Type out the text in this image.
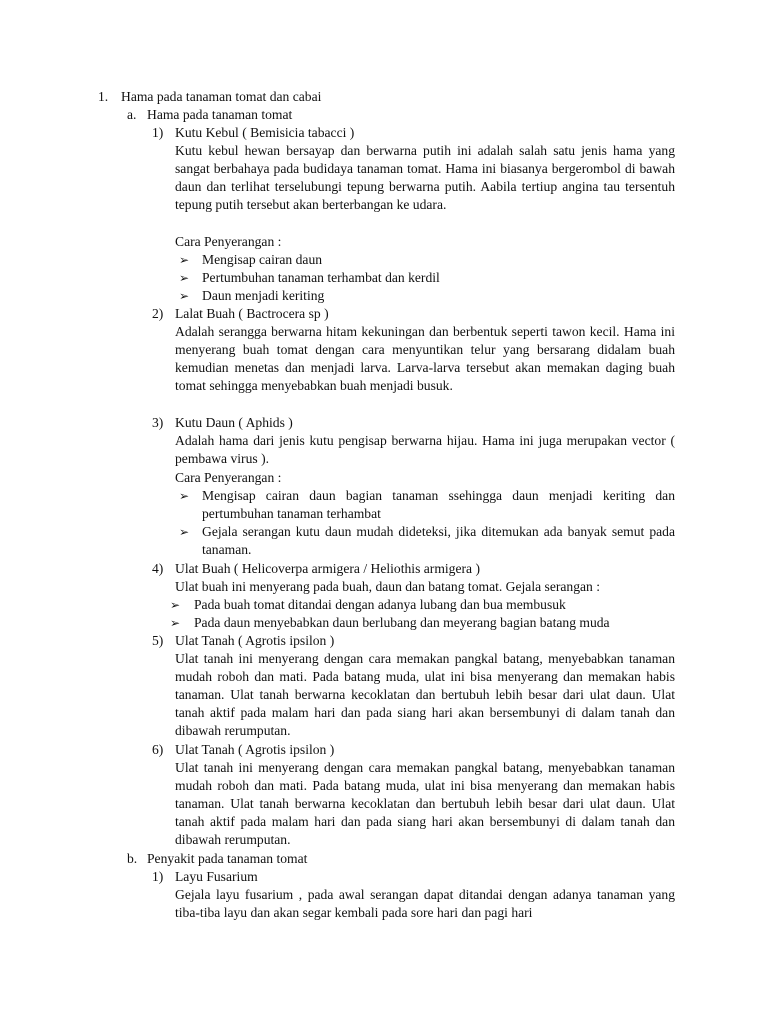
1. Hama pada tanaman tomat dan cabai
a. Hama pada tanaman tomat
1) Kutu Kebul ( Bemisicia tabacci )
Kutu kebul hewan bersayap dan berwarna putih ini adalah salah satu jenis hama yang sangat berbahaya pada budidaya tanaman tomat. Hama ini biasanya bergerombol di bawah daun dan terlihat terselubungi tepung berwarna putih. Aabila tertiup angina tau tersentuh tepung putih tersebut akan berterbangan ke udara.
Cara Penyerangan :
➢ Mengisap cairan daun
➢ Pertumbuhan tanaman terhambat dan kerdil
➢ Daun menjadi keriting
2) Lalat Buah ( Bactrocera sp )
Adalah serangga berwarna hitam kekuningan dan berbentuk seperti tawon kecil. Hama ini menyerang buah tomat dengan cara menyuntikan telur yang bersarang didalam buah kemudian menetas dan menjadi larva. Larva-larva tersebut akan memakan daging buah tomat sehingga menyebabkan buah menjadi busuk.
3) Kutu Daun ( Aphids )
Adalah hama dari jenis kutu pengisap berwarna hijau. Hama ini juga merupakan vector ( pembawa virus ).
Cara Penyerangan :
➢ Mengisap cairan daun bagian tanaman ssehingga daun menjadi keriting dan pertumbuhan tanaman terhambat
➢ Gejala serangan kutu daun mudah dideteksi, jika ditemukan ada banyak semut pada tanaman.
4) Ulat Buah ( Helicoverpa armigera / Heliothis armigera )
Ulat buah ini menyerang pada buah, daun dan batang tomat. Gejala serangan :
➢ Pada buah tomat ditandai dengan adanya lubang dan bua membusuk
➢ Pada daun menyebabkan daun berlubang dan meyerang bagian batang muda
5) Ulat Tanah ( Agrotis ipsilon )
Ulat tanah ini menyerang dengan cara memakan pangkal batang, menyebabkan tanaman mudah roboh dan mati. Pada batang muda, ulat ini bisa menyerang dan memakan habis tanaman. Ulat tanah berwarna kecoklatan dan bertubuh lebih besar dari ulat daun. Ulat tanah aktif pada malam hari dan pada siang hari akan bersembunyi di dalam tanah dan dibawah rerumputan.
6) Ulat Tanah ( Agrotis ipsilon )
Ulat tanah ini menyerang dengan cara memakan pangkal batang, menyebabkan tanaman mudah roboh dan mati. Pada batang muda, ulat ini bisa menyerang dan memakan habis tanaman. Ulat tanah berwarna kecoklatan dan bertubuh lebih besar dari ulat daun. Ulat tanah aktif pada malam hari dan pada siang hari akan bersembunyi di dalam tanah dan dibawah rerumputan.
b. Penyakit pada tanaman tomat
1) Layu Fusarium
Gejala layu fusarium , pada awal serangan dapat ditandai dengan adanya tanaman yang tiba-tiba layu dan akan segar kembali pada sore hari dan pagi hari
